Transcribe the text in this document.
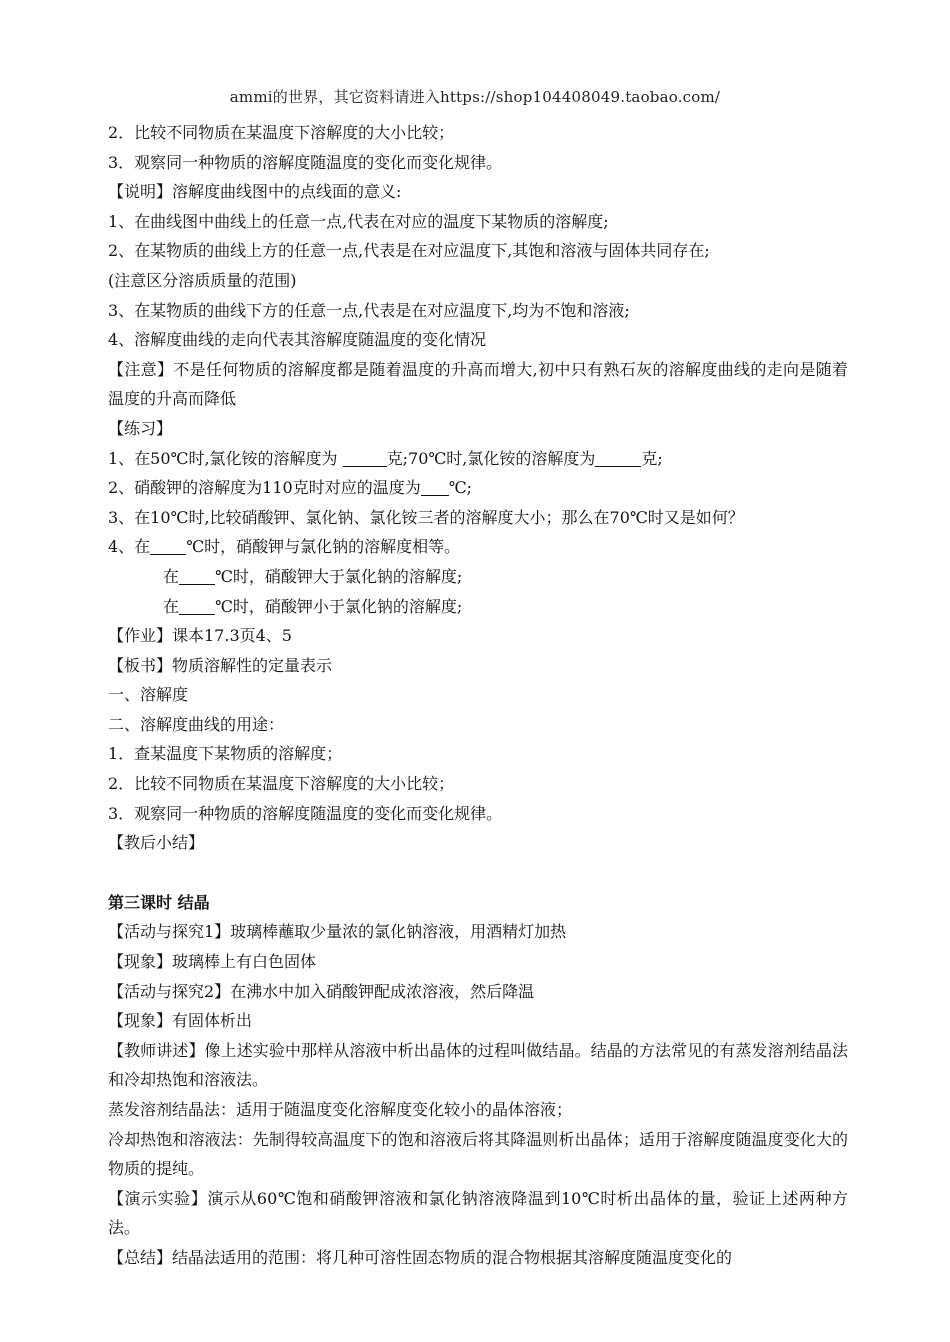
ammi的世界，其它资料请进入https://shop104408049.taobao.com/
2．比较不同物质在某温度下溶解度的大小比较；
3．观察同一种物质的溶解度随温度的变化而变化规律。
【说明】溶解度曲线图中的点线面的意义:
1、在曲线图中曲线上的任意一点,代表在对应的温度下某物质的溶解度;
2、在某物质的曲线上方的任意一点,代表是在对应温度下,其饱和溶液与固体共同存在;
(注意区分溶质质量的范围)
3、在某物质的曲线下方的任意一点,代表是在对应温度下,均为不饱和溶液;
4、溶解度曲线的走向代表其溶解度随温度的变化情况
【注意】不是任何物质的溶解度都是随着温度的升高而增大,初中只有熟石灰的溶解度曲线的走向是随着温度的升高而降低
【练习】
1、在50℃时,氯化铵的溶解度为	克;70℃时,氯化铵的溶解度为	克;
2、硝酸钾的溶解度为110克时对应的温度为 ℃;
3、在10℃时,比较硝酸钾、氯化钠、氯化铵三者的溶解度大小；那么在70℃时又是如何？
4、在 ℃时，硝酸钾与氯化钠的溶解度相等。
在 ℃时，硝酸钾大于氯化钠的溶解度;
在 ℃时，硝酸钾小于氯化钠的溶解度;
【作业】课本17.3页4、5
【板书】物质溶解性的定量表示
一、溶解度
二、溶解度曲线的用途：
1．查某温度下某物质的溶解度；
2．比较不同物质在某温度下溶解度的大小比较；
3．观察同一种物质的溶解度随温度的变化而变化规律。
【教后小结】
第三课时 结晶
【活动与探究1】玻璃棒蘸取少量浓的氯化钠溶液，用酒精灯加热
【现象】玻璃棒上有白色固体
【活动与探究2】在沸水中加入硝酸钾配成浓溶液，然后降温
【现象】有固体析出
【教师讲述】像上述实验中那样从溶液中析出晶体的过程叫做结晶。结晶的方法常见的有蒸发溶剂结晶法和冷却热饱和溶液法。
蒸发溶剂结晶法：适用于随温度变化溶解度变化较小的晶体溶液；
冷却热饱和溶液法：先制得较高温度下的饱和溶液后将其降温则析出晶体；适用于溶解度随温度变化大的物质的提纯。
【演示实验】演示从60℃饱和硝酸钾溶液和氯化钠溶液降温到10℃时析出晶体的量，验证上述两种方法。
【总结】结晶法适用的范围：将几种可溶性固态物质的混合物根据其溶解度随温度变化的
